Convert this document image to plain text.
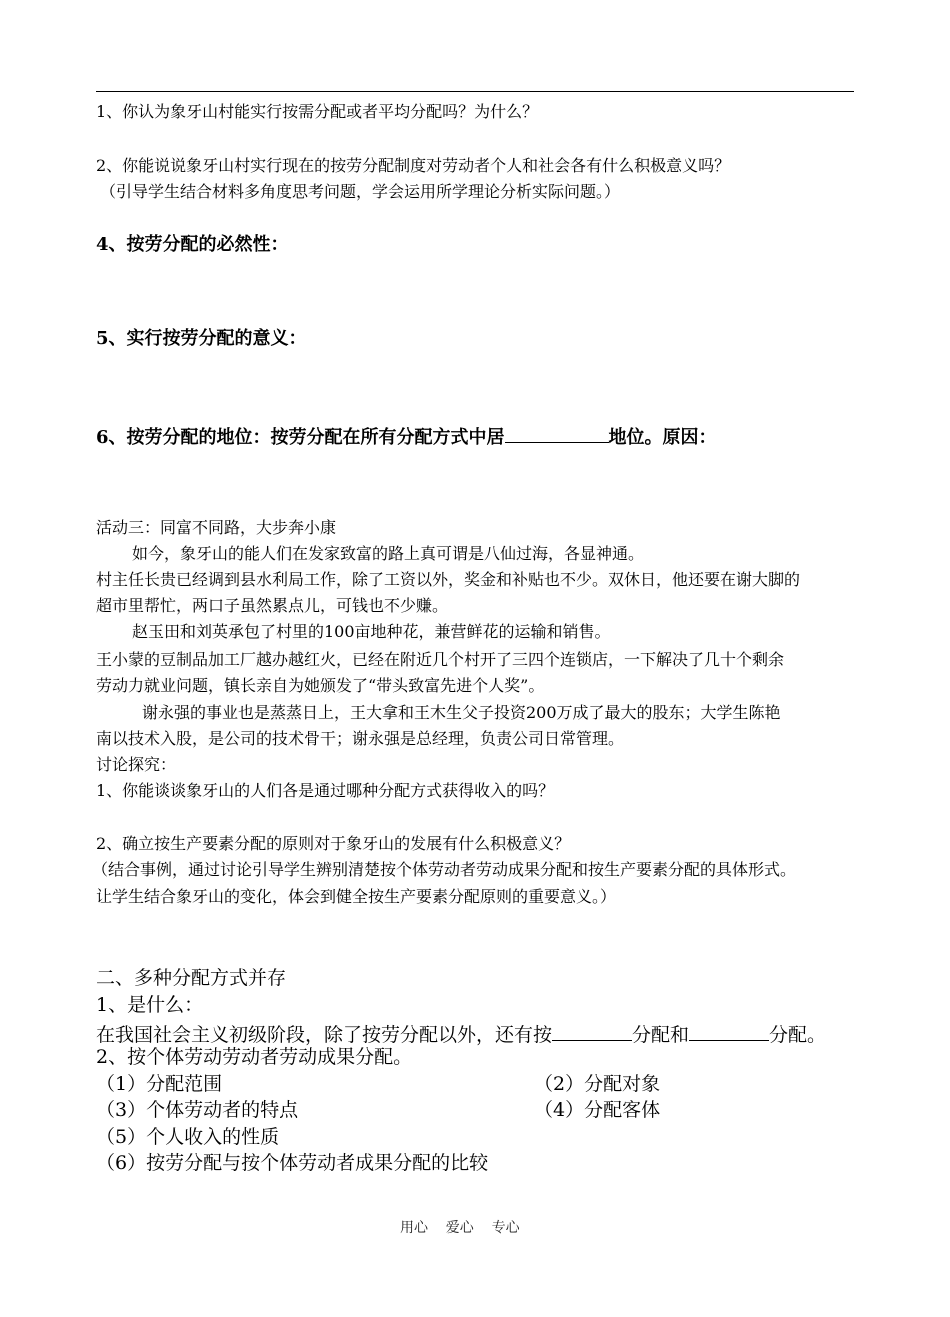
1、你认为象牙山村能实行按需分配或者平均分配吗？为什么？
2、你能说说象牙山村实行现在的按劳分配制度对劳动者个人和社会各有什么积极意义吗？
（引导学生结合材料多角度思考问题，学会运用所学理论分析实际问题。）
4、按劳分配的必然性：
5、实行按劳分配的意义：
6、按劳分配的地位：按劳分配在所有分配方式中居	地位。原因：
活动三：同富不同路，大步奔小康
如今，象牙山的能人们在发家致富的路上真可谓是八仙过海，各显神通。
村主任长贵已经调到县水利局工作，除了工资以外，奖金和补贴也不少。双休日，他还要在谢大脚的
超市里帮忙，两口子虽然累点儿，可钱也不少赚。
赵玉田和刘英承包了村里的100亩地种花，兼营鲜花的运输和销售。
王小蒙的豆制品加工厂越办越红火，已经在附近几个村开了三四个连锁店，一下解决了几十个剩余
劳动力就业问题，镇长亲自为她颁发了“带头致富先进个人奖”。
谢永强的事业也是蒸蒸日上，王大拿和王木生父子投资200万成了最大的股东；大学生陈艳
南以技术入股，是公司的技术骨干；谢永强是总经理，负责公司日常管理。
讨论探究：
1、你能谈谈象牙山的人们各是通过哪种分配方式获得收入的吗？
2、确立按生产要素分配的原则对于象牙山的发展有什么积极意义？
（结合事例，通过讨论引导学生辨别清楚按个体劳动者劳动成果分配和按生产要素分配的具体形式。
让学生结合象牙山的变化，体会到健全按生产要素分配原则的重要意义。）
二、多种分配方式并存
1、是什么：
在我国社会主义初级阶段，除了按劳分配以外，还有按	分配和	分配。
2、按个体劳动劳动者劳动成果分配。
（1）分配范围	（2）分配对象
（3）个体劳动者的特点	（4）分配客体
（5）个人收入的性质
（6）按劳分配与按个体劳动者成果分配的比较
用心    爱心    专心
